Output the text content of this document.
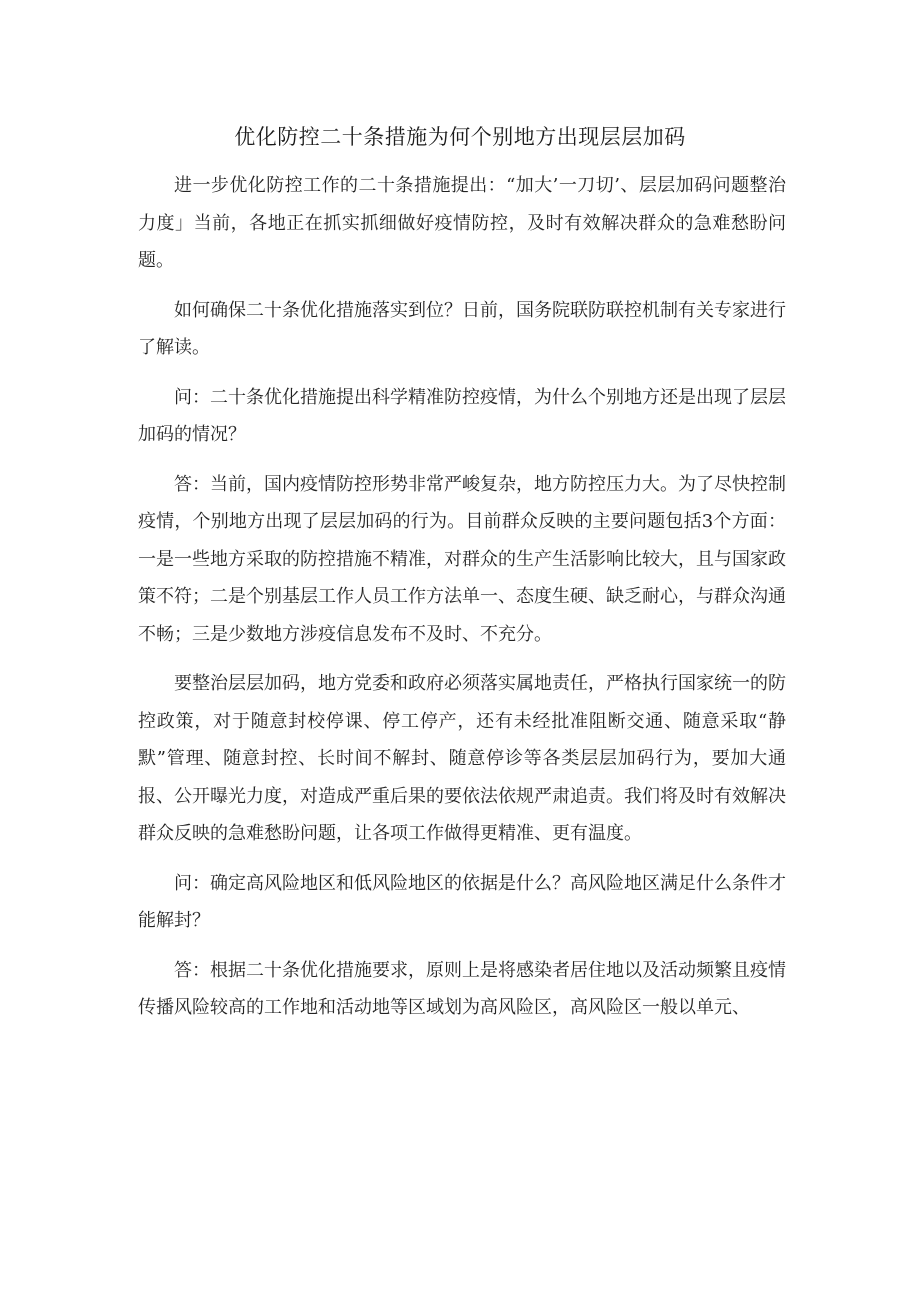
优化防控二十条措施为何个别地方出现层层加码

进一步优化防控工作的二十条措施提出：“加大’一刀切’、层层加码问题整治力度」当前，各地正在抓实抓细做好疫情防控，及时有效解决群众的急难愁盼问题。

如何确保二十条优化措施落实到位？日前，国务院联防联控机制有关专家进行了解读。

问：二十条优化措施提出科学精准防控疫情，为什么个别地方还是出现了层层加码的情况？

答：当前，国内疫情防控形势非常严峻复杂，地方防控压力大。为了尽快控制疫情，个别地方出现了层层加码的行为。目前群众反映的主要问题包括3个方面：一是一些地方采取的防控措施不精准，对群众的生产生活影响比较大，且与国家政策不符；二是个别基层工作人员工作方法单一、态度生硬、缺乏耐心，与群众沟通不畅；三是少数地方涉疫信息发布不及时、不充分。

要整治层层加码，地方党委和政府必须落实属地责任，严格执行国家统一的防控政策，对于随意封校停课、停工停产，还有未经批准阻断交通、随意采取“静默”管理、随意封控、长时间不解封、随意停诊等各类层层加码行为，要加大通报、公开曝光力度，对造成严重后果的要依法依规严肃追责。我们将及时有效解决群众反映的急难愁盼问题，让各项工作做得更精准、更有温度。

问：确定高风险地区和低风险地区的依据是什么？高风险地区满足什么条件才能解封？

答：根据二十条优化措施要求，原则上是将感染者居住地以及活动频繁且疫情传播风险较高的工作地和活动地等区域划为高风险区，高风险区一般以单元、
